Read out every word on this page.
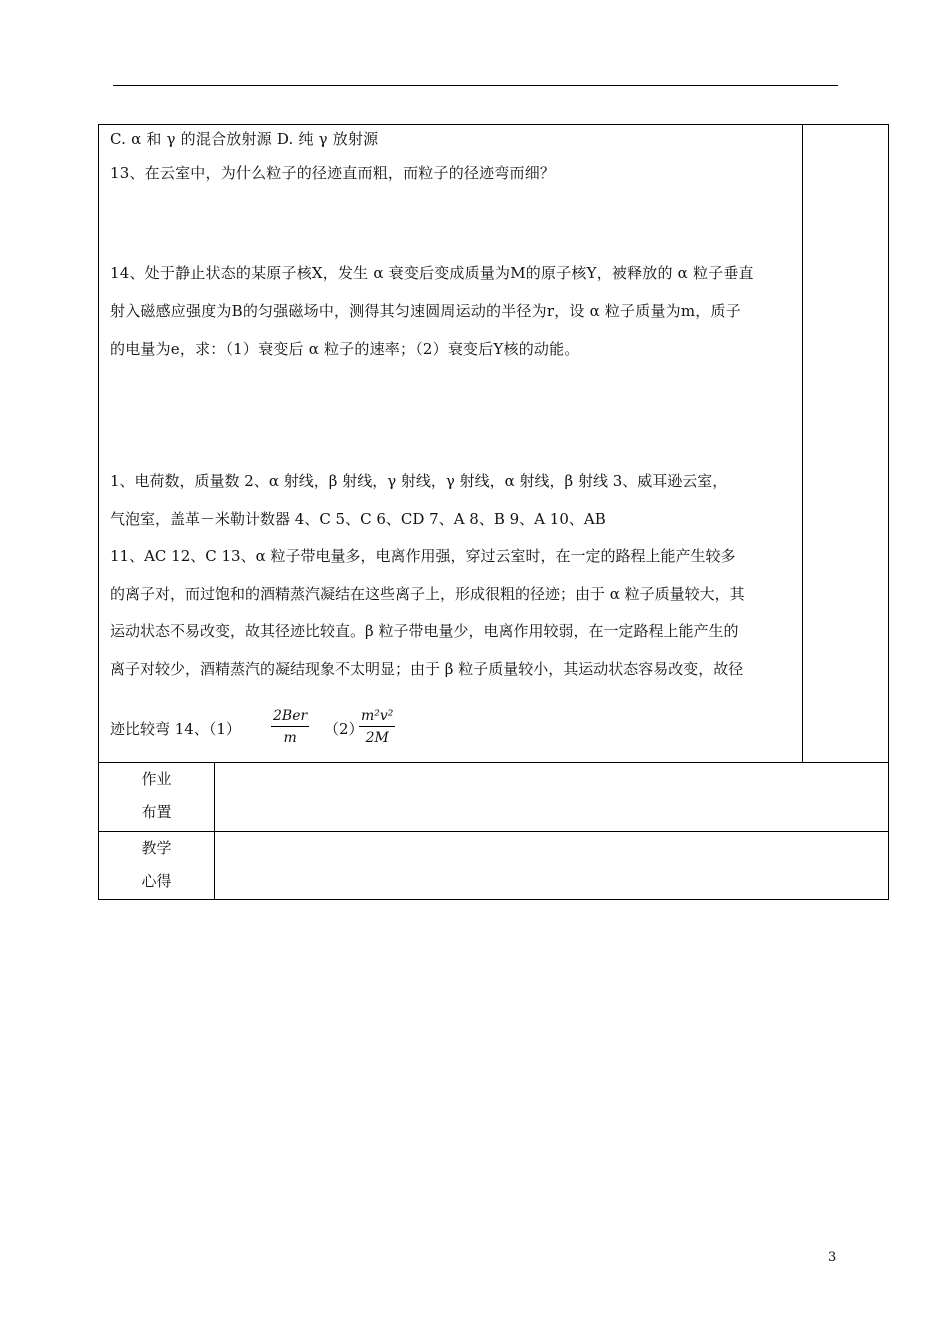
C. α 和 γ 的混合放射源 D. 纯 γ 放射源
13、在云室中，为什么粒子的径迹直而粗，而粒子的径迹弯而细？
14、处于静止状态的某原子核X，发生 α 衰变后变成质量为M的原子核Y，被释放的 α 粒子垂直
射入磁感应强度为B的匀强磁场中，测得其匀速圆周运动的半径为r，设 α 粒子质量为m，质子
的电量为e，求：（1）衰变后 α 粒子的速率；（2）衰变后Y核的动能。
1、电荷数，质量数 2、α 射线，β 射线，γ 射线，γ 射线，α 射线，β 射线 3、威耳逊云室，
气泡室，盖革－米勒计数器 4、C 5、C 6、CD 7、A 8、B 9、A 10、AB
11、AC 12、C 13、α 粒子带电量多，电离作用强，穿过云室时，在一定的路程上能产生较多
的离子对，而过饱和的酒精蒸汽凝结在这些离子上，形成很粗的径迹；由于 α 粒子质量较大，其
运动状态不易改变，故其径迹比较直。β 粒子带电量少，电离作用较弱，在一定路程上能产生的
离子对较少，酒精蒸汽的凝结现象不太明显；由于 β 粒子质量较小，其运动状态容易改变，故径
迹比较弯 14、（1）
2Ber
m	（2）
$\frac{\text{m²v²}}{2M}$
作业
布置
教学
心得
3
